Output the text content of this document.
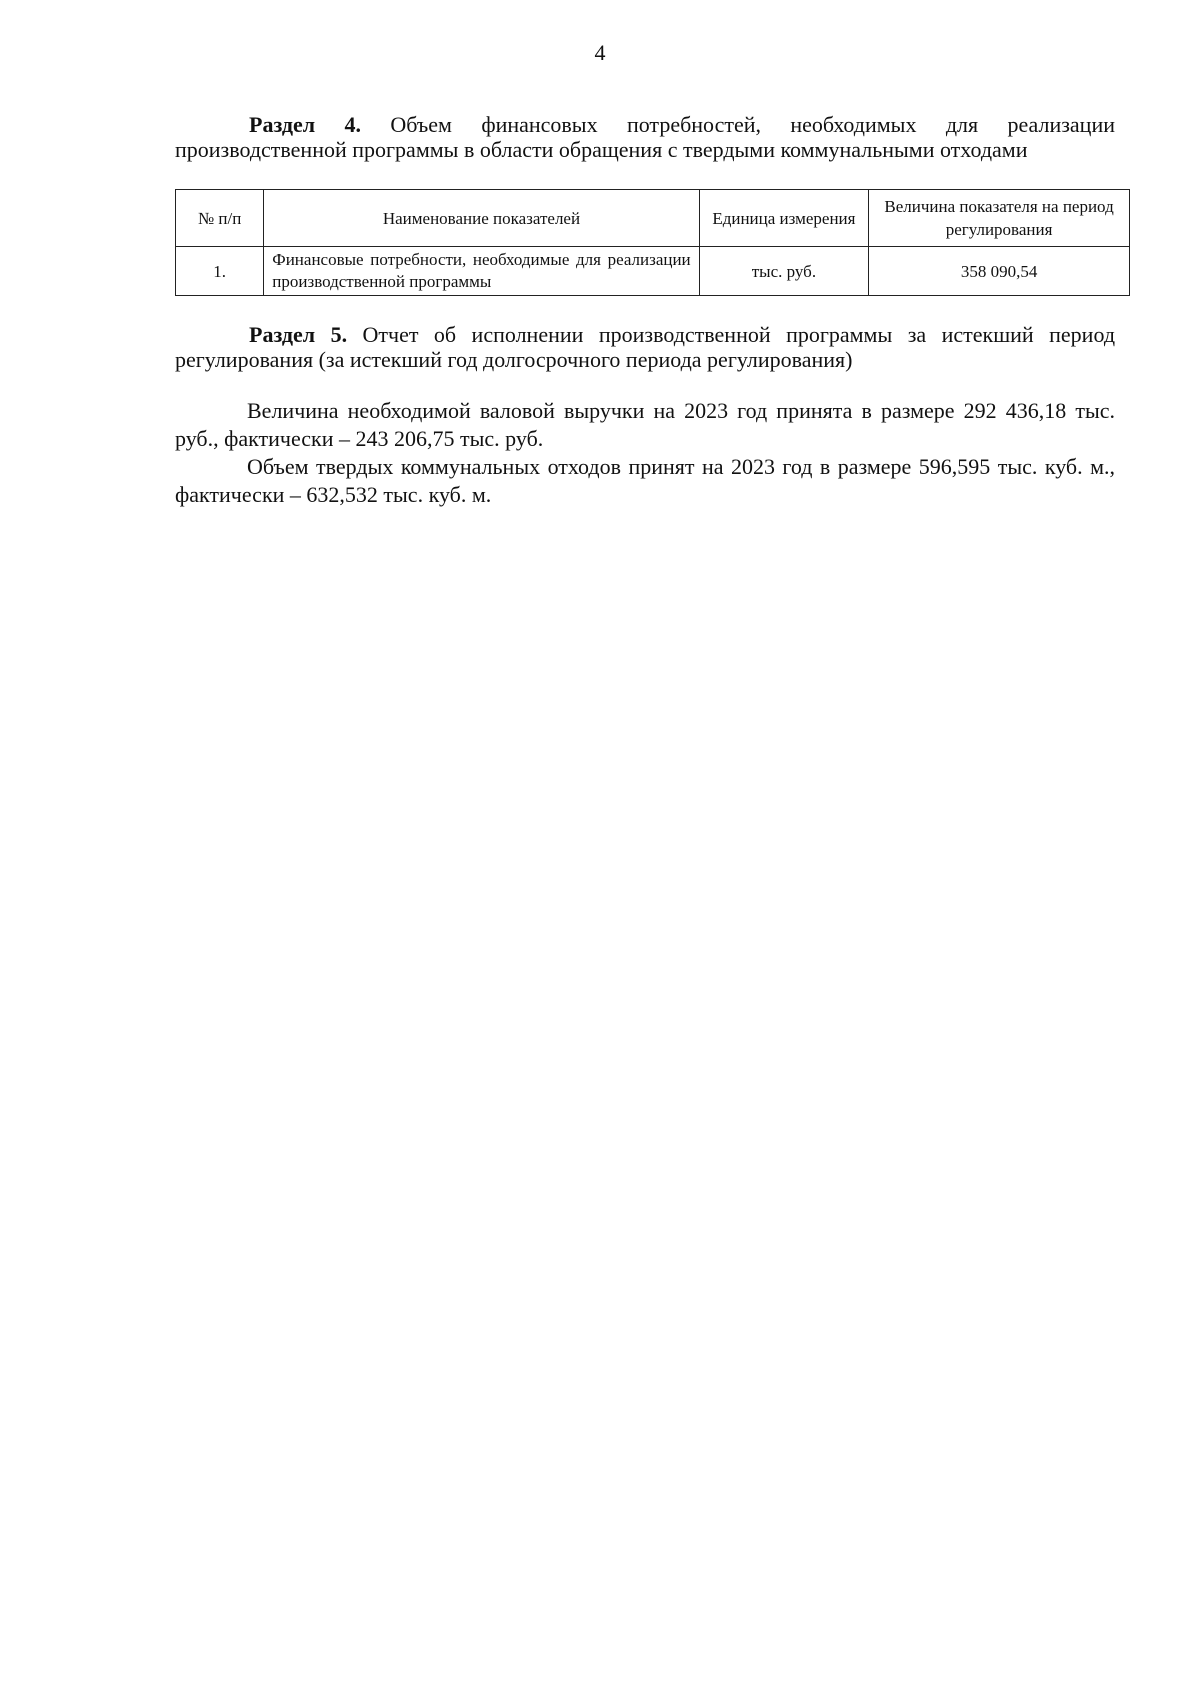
4

Раздел 4. Объем финансовых потребностей, необходимых для реализации производственной программы в области обращения с твердыми коммунальными отходами

№ п/п	Наименование показателей	Единица измерения	Величина показателя на период регулирования
1.	Финансовые потребности, необходимые для реализации производственной программы	тыс. руб.	358 090,54

Раздел 5. Отчет об исполнении производственной программы за истекший период регулирования (за истекший год долгосрочного периода регулирования)

Величина необходимой валовой выручки на 2023 год принята в размере 292 436,18 тыс. руб., фактически – 243 206,75 тыс. руб.

Объем твердых коммунальных отходов принят на 2023 год в размере 596,595 тыс. куб. м., фактически – 632,532 тыс. куб. м.
